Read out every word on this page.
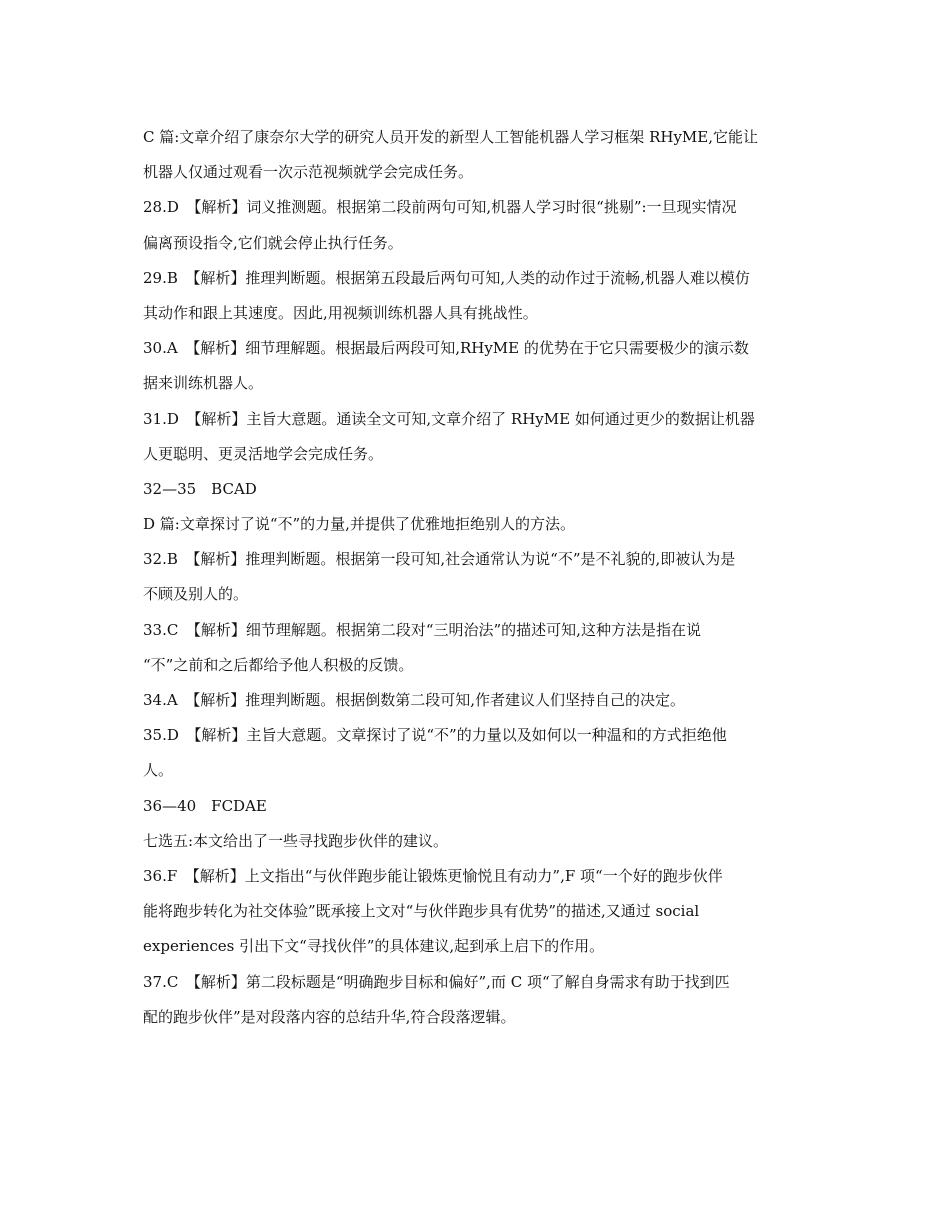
C 篇:文章介绍了康奈尔大学的研究人员开发的新型人工智能机器人学习框架 RHyME,它能让
机器人仅通过观看一次示范视频就学会完成任务。
28.D　【解析】词义推测题。根据第二段前两句可知,机器人学习时很“挑剔”:一旦现实情况
偏离预设指令,它们就会停止执行任务。
29.B　【解析】推理判断题。根据第五段最后两句可知,人类的动作过于流畅,机器人难以模仿
其动作和跟上其速度。因此,用视频训练机器人具有挑战性。
30.A　【解析】细节理解题。根据最后两段可知,RHyME 的优势在于它只需要极少的演示数
据来训练机器人。
31.D　【解析】主旨大意题。通读全文可知,文章介绍了 RHyME 如何通过更少的数据让机器
人更聪明、更灵活地学会完成任务。
32—35　BCAD
D 篇:文章探讨了说“不”的力量,并提供了优雅地拒绝别人的方法。
32.B　【解析】推理判断题。根据第一段可知,社会通常认为说“不”是不礼貌的,即被认为是
不顾及别人的。
33.C　【解析】细节理解题。根据第二段对“三明治法”的描述可知,这种方法是指在说
“不”之前和之后都给予他人积极的反馈。
34.A　【解析】推理判断题。根据倒数第二段可知,作者建议人们坚持自己的决定。
35.D　【解析】主旨大意题。文章探讨了说“不”的力量以及如何以一种温和的方式拒绝他
人。
36—40　FCDAE
七选五:本文给出了一些寻找跑步伙伴的建议。
36.F　【解析】上文指出“与伙伴跑步能让锻炼更愉悦且有动力”,F 项“一个好的跑步伙伴
能将跑步转化为社交体验”既承接上文对“与伙伴跑步具有优势”的描述,又通过 social
experiences 引出下文“寻找伙伴”的具体建议,起到承上启下的作用。
37.C　【解析】第二段标题是“明确跑步目标和偏好”,而 C 项“了解自身需求有助于找到匹
配的跑步伙伴”是对段落内容的总结升华,符合段落逻辑。
